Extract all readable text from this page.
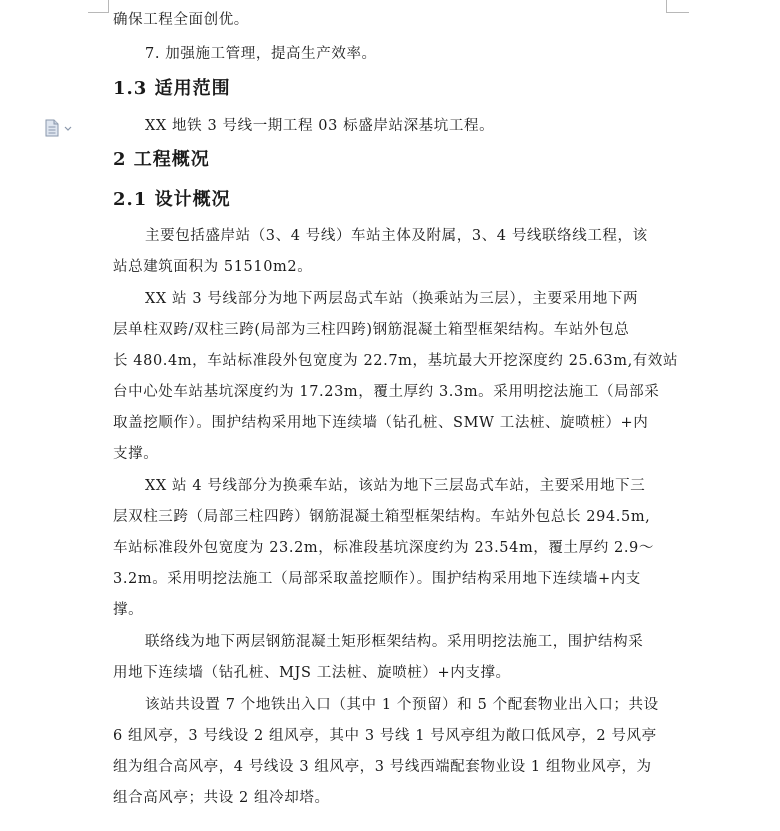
确保工程全面创优。
7. 加强施工管理，提高生产效率。
1.3 适用范围
XX 地铁 3 号线一期工程 03 标盛岸站深基坑工程。
2 工程概况
2.1 设计概况
主要包括盛岸站（3、4 号线）车站主体及附属，3、4 号线联络线工程，该
站总建筑面积为 51510m2。
XX 站 3 号线部分为地下两层岛式车站（换乘站为三层），主要采用地下两
层单柱双跨/双柱三跨(局部为三柱四跨)钢筋混凝土箱型框架结构。车站外包总
长 480.4m，车站标准段外包宽度为 22.7m，基坑最大开挖深度约 25.63m,有效站
台中心处车站基坑深度约为 17.23m，覆土厚约 3.3m。采用明挖法施工（局部采
取盖挖顺作）。围护结构采用地下连续墙（钻孔桩、SMW 工法桩、旋喷桩）+内
支撑。
XX 站 4 号线部分为换乘车站，该站为地下三层岛式车站，主要采用地下三
层双柱三跨（局部三柱四跨）钢筋混凝土箱型框架结构。车站外包总长 294.5m,
车站标准段外包宽度为 23.2m，标准段基坑深度约为 23.54m，覆土厚约 2.9～
3.2m。采用明挖法施工（局部采取盖挖顺作）。围护结构采用地下连续墙+内支
撑。
联络线为地下两层钢筋混凝土矩形框架结构。采用明挖法施工，围护结构采
用地下连续墙（钻孔桩、MJS 工法桩、旋喷桩）+内支撑。
该站共设置 7 个地铁出入口（其中 1 个预留）和 5 个配套物业出入口；共设
6 组风亭，3 号线设 2 组风亭，其中 3 号线 1 号风亭组为敞口低风亭，2 号风亭
组为组合高风亭，4 号线设 3 组风亭，3 号线西端配套物业设 1 组物业风亭，为
组合高风亭；共设 2 组冷却塔。
